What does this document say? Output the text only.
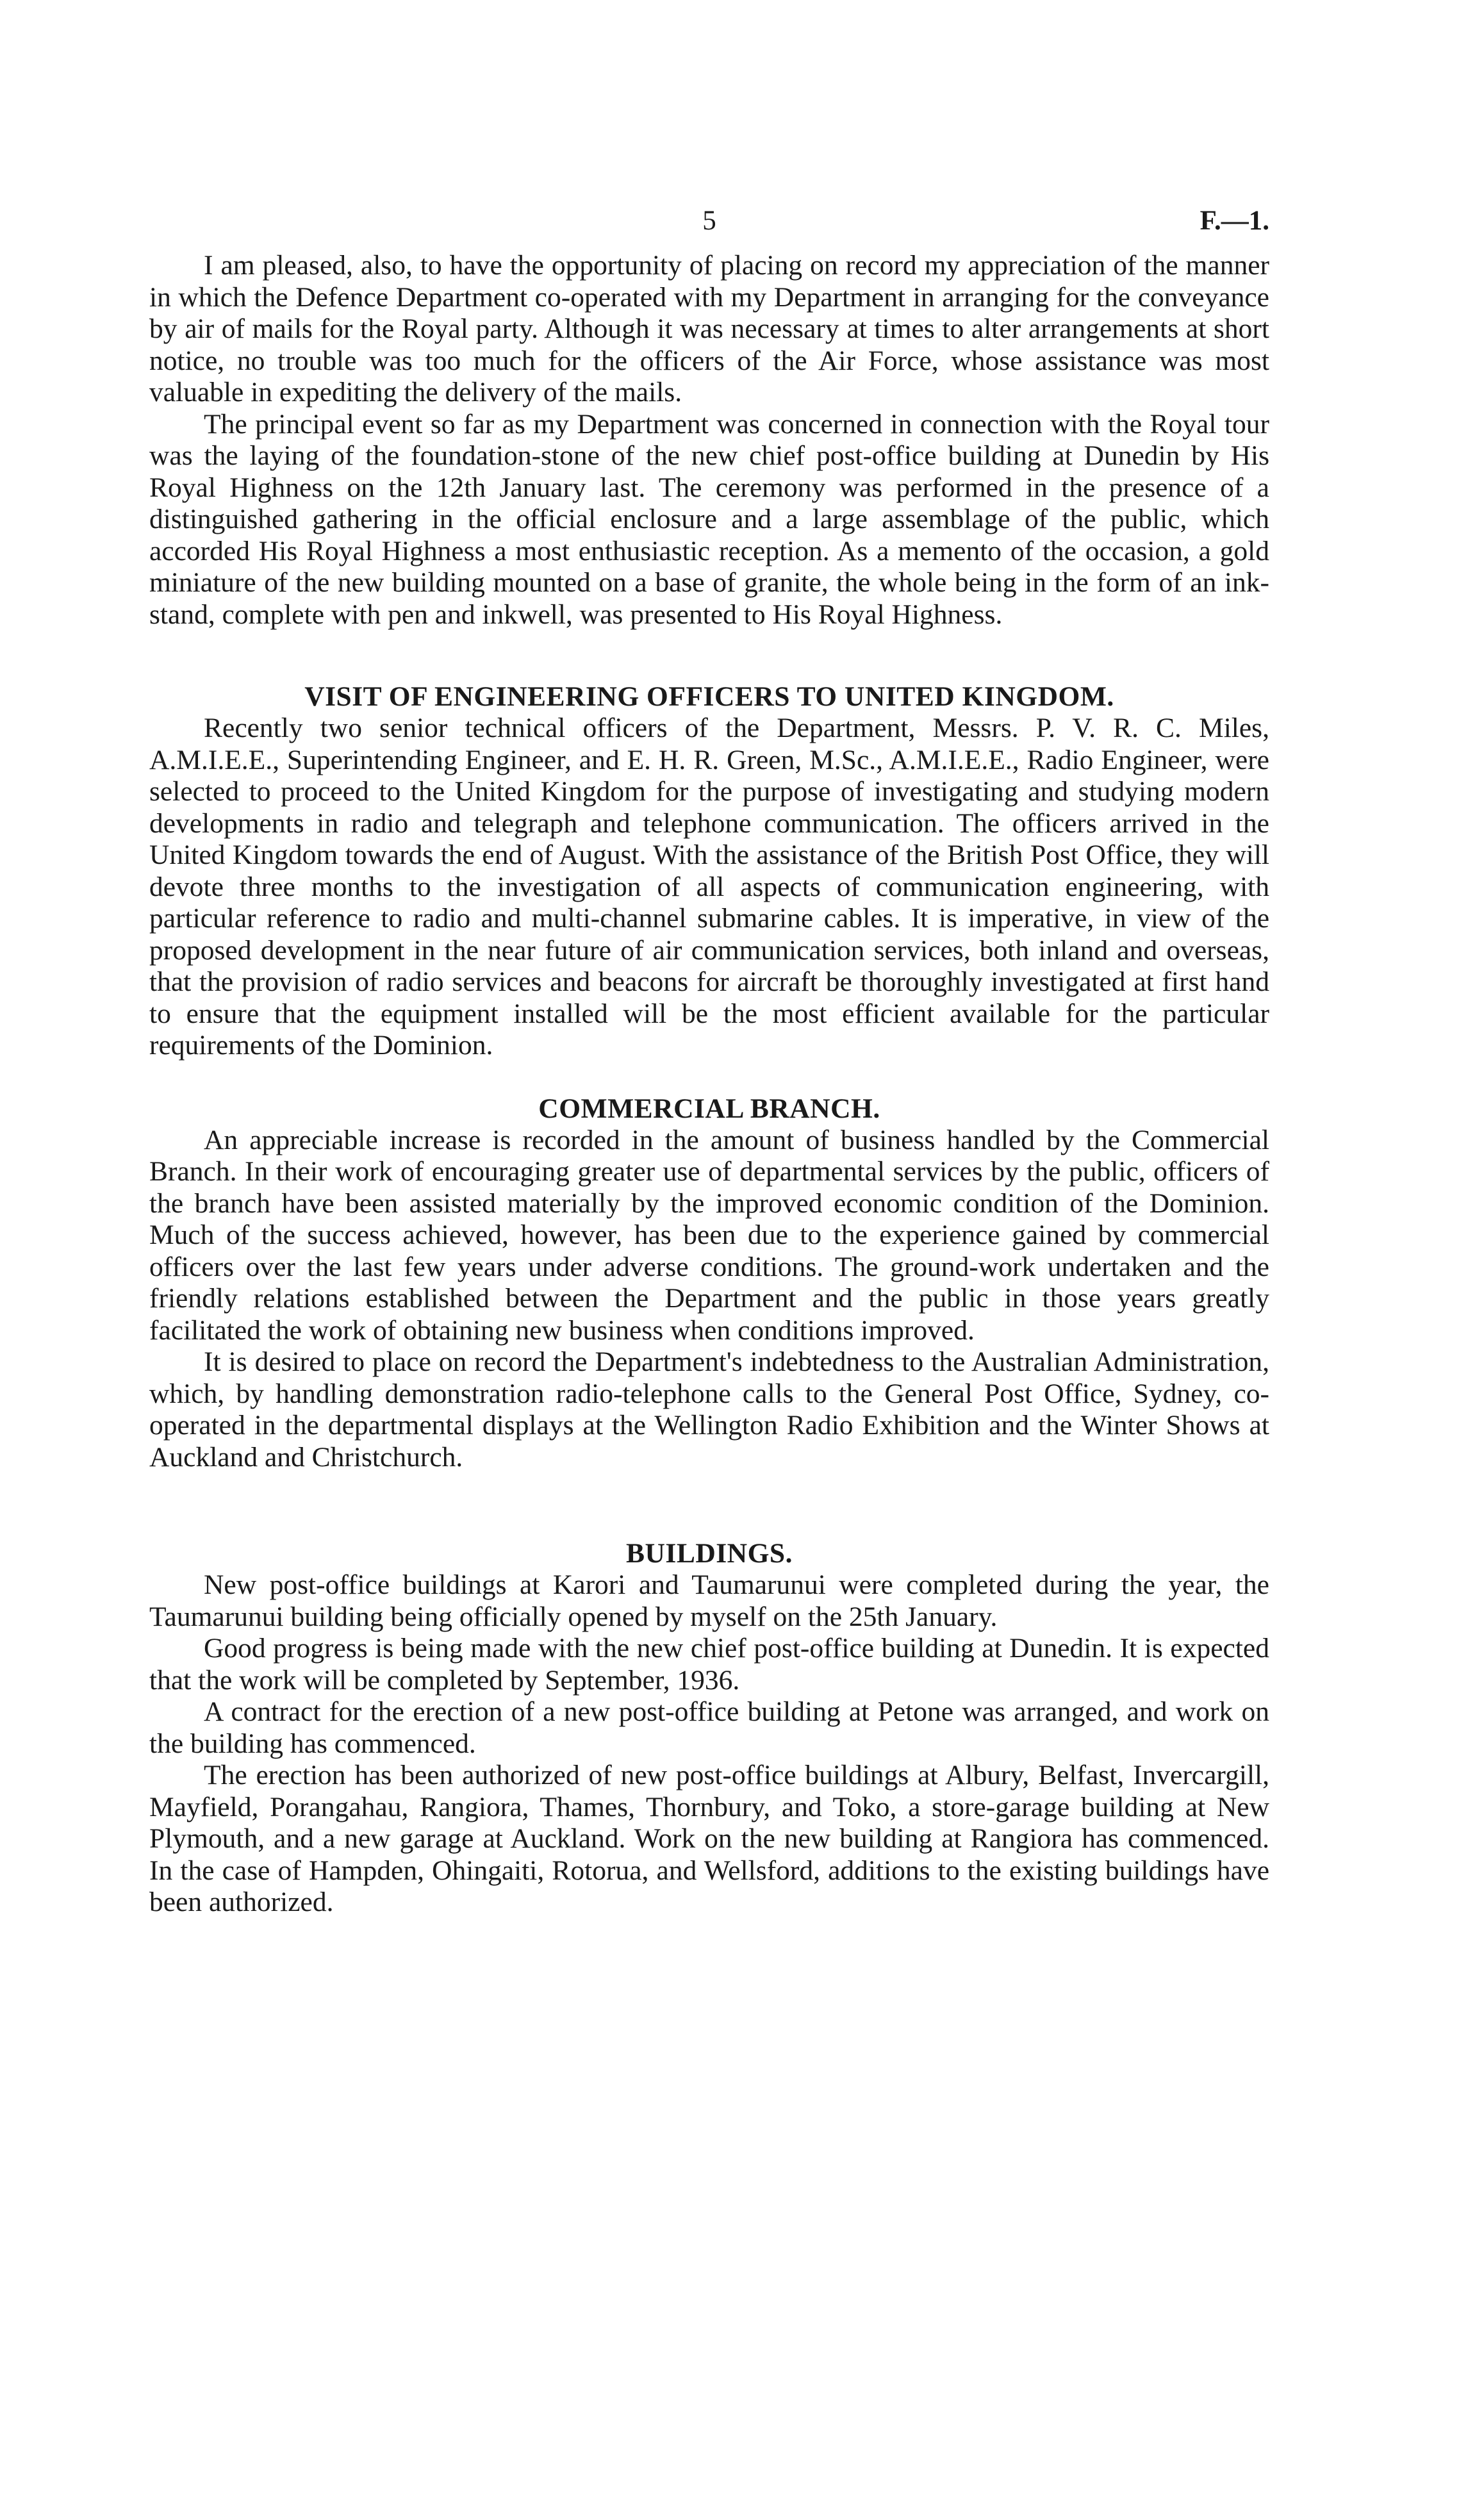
5	F.—1.

I am pleased, also, to have the opportunity of placing on record my appreciation of the manner in which the Defence Department co-operated with my Department in arranging for the conveyance by air of mails for the Royal party. Although it was necessary at times to alter arrangements at short notice, no trouble was too much for the officers of the Air Force, whose assistance was most valuable in expediting the delivery of the mails.

The principal event so far as my Department was concerned in connection with the Royal tour was the laying of the foundation-stone of the new chief post-office building at Dunedin by His Royal Highness on the 12th January last. The ceremony was performed in the presence of a distinguished gathering in the official enclosure and a large assemblage of the public, which accorded His Royal Highness a most enthusiastic reception. As a memento of the occasion, a gold miniature of the new building mounted on a base of granite, the whole being in the form of an ink-stand, complete with pen and inkwell, was presented to His Royal Highness.

VISIT OF ENGINEERING OFFICERS TO UNITED KINGDOM.

Recently two senior technical officers of the Department, Messrs. P. V. R. C. Miles, A.M.I.E.E., Superintending Engineer, and E. H. R. Green, M.Sc., A.M.I.E.E., Radio Engineer, were selected to proceed to the United Kingdom for the purpose of investigating and studying modern developments in radio and telegraph and telephone communication. The officers arrived in the United Kingdom towards the end of August. With the assistance of the British Post Office, they will devote three months to the investigation of all aspects of communication engineering, with particular reference to radio and multi-channel submarine cables. It is imperative, in view of the proposed development in the near future of air communication services, both inland and overseas, that the provision of radio services and beacons for aircraft be thoroughly investigated at first hand to ensure that the equipment installed will be the most efficient available for the particular requirements of the Dominion.

COMMERCIAL BRANCH.

An appreciable increase is recorded in the amount of business handled by the Commercial Branch. In their work of encouraging greater use of departmental services by the public, officers of the branch have been assisted materially by the improved economic condition of the Dominion. Much of the success achieved, however, has been due to the experience gained by commercial officers over the last few years under adverse conditions. The ground-work undertaken and the friendly relations established between the Department and the public in those years greatly facilitated the work of obtaining new business when conditions improved.

It is desired to place on record the Department's indebtedness to the Australian Administration, which, by handling demonstration radio-telephone calls to the General Post Office, Sydney, co-operated in the departmental displays at the Wellington Radio Exhibition and the Winter Shows at Auckland and Christchurch.

BUILDINGS.

New post-office buildings at Karori and Taumarunui were completed during the year, the Taumarunui building being officially opened by myself on the 25th January.

Good progress is being made with the new chief post-office building at Dunedin. It is expected that the work will be completed by September, 1936.

A contract for the erection of a new post-office building at Petone was arranged, and work on the building has commenced.

The erection has been authorized of new post-office buildings at Albury, Belfast, Invercargill, Mayfield, Porangahau, Rangiora, Thames, Thornbury, and Toko, a store-garage building at New Plymouth, and a new garage at Auckland. Work on the new building at Rangiora has commenced. In the case of Hampden, Ohingaiti, Rotorua, and Wellsford, additions to the existing buildings have been authorized.
